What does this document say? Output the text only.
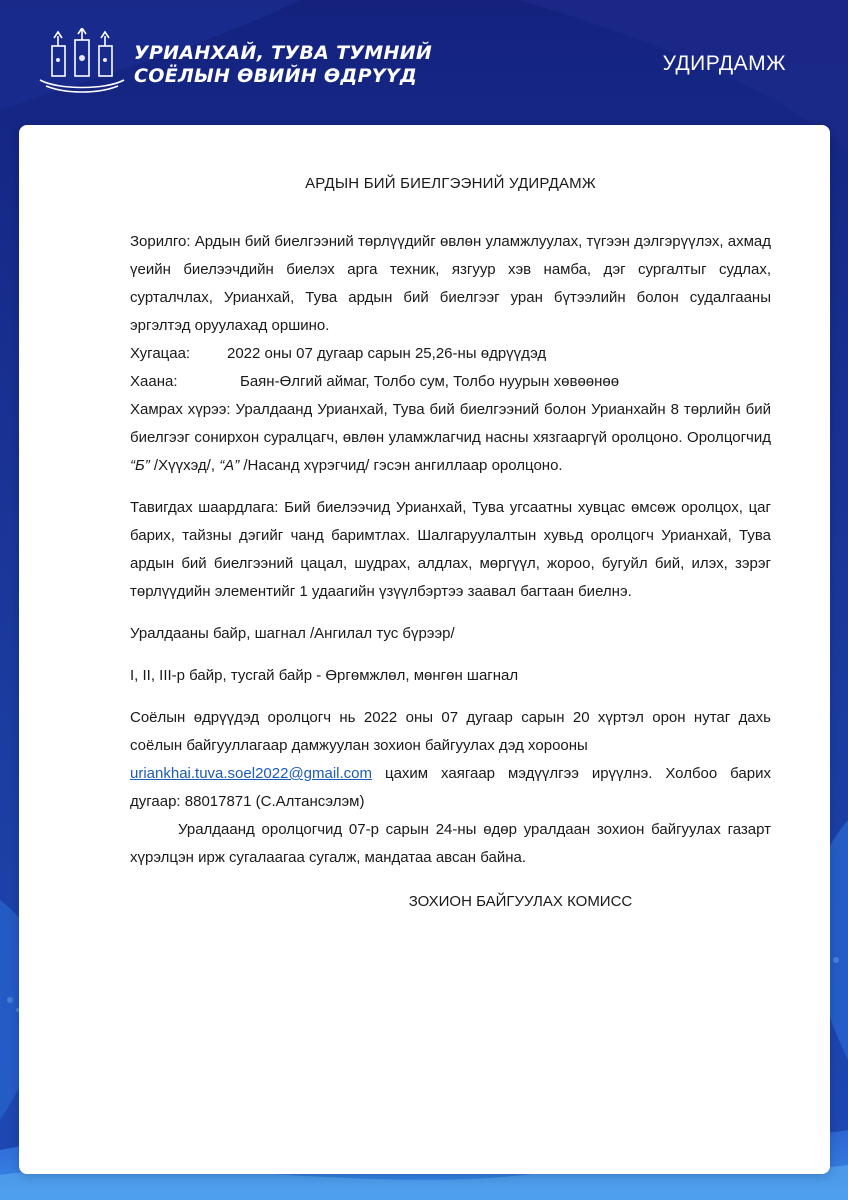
УРИАНХАЙ, ТУВА ТУМНИЙ
СОЁЛЫН ӨВИЙН ӨДРҮҮД
УДИРДАМЖ

АРДЫН БИЙ БИЕЛГЭЭНИЙ УДИРДАМЖ

Зорилго: Ардын бий биелгээний төрлүүдийг өвлөн уламжлуулах, түгээн дэлгэрүүлэх, ахмад үеийн биелээчдийн биелэх арга техник, язгуур хэв намба, дэг сургалтыг судлах, сурталчлах, Урианхай, Тува ардын бий биелгээг уран бүтээлийн болон судалгааны эргэлтэд оруулахад оршино.

Хугацаа:	2022 оны 07 дугаар сарын 25,26-ны өдрүүдэд
Хаана:	Баян-Өлгий аймаг, Толбо сум, Толбо нуурын хөвөөнөө

Хамрах хүрээ: Уралдаанд Урианхай, Тува бий биелгээний болон Урианхайн 8 төрлийн бий биелгээг сонирхон суралцагч, өвлөн уламжлагчид насны хязгааргүй оролцоно. Оролцогчид “Б” /Хүүхэд/, “А” /Насанд хүрэгчид/ гэсэн ангиллаар оролцоно.

Тавигдах шаардлага: Бий биелээчид Урианхай, Тува угсаатны хувцас өмсөж оролцох, цаг барих, тайзны дэгийг чанд баримтлах. Шалгаруулалтын хувьд оролцогч Урианхай, Тува ардын бий биелгээний цацал, шудрах, алдлах, мөргүүл, жороо, бугуйл бий, илэх, зэрэг төрлүүдийн элементийг 1 удаагийн үзүүлбэртээ заавал багтаан биелнэ.

Уралдааны байр, шагнал /Ангилал тус бүрээр/

I, II, III-р байр, тусгай байр - Өргөмжлөл, мөнгөн шагнал

Соёлын өдрүүдэд оролцогч нь 2022 оны 07 дугаар сарын 20 хүртэл орон нутаг дахь соёлын байгууллагаар дамжуулан зохион байгуулах дэд хорооны
uriankhai.tuva.soel2022@gmail.com цахим хаягаар мэдүүлгээ ирүүлнэ. Холбоо барих дугаар: 88017871 (С.Алтансэлэм)

Уралдаанд оролцогчид 07-р сарын 24-ны өдөр уралдаан зохион байгуулах газарт хүрэлцэн ирж сугалаагаа сугалж, мандатаа авсан байна.

ЗОХИОН БАЙГУУЛАХ КОМИСС
